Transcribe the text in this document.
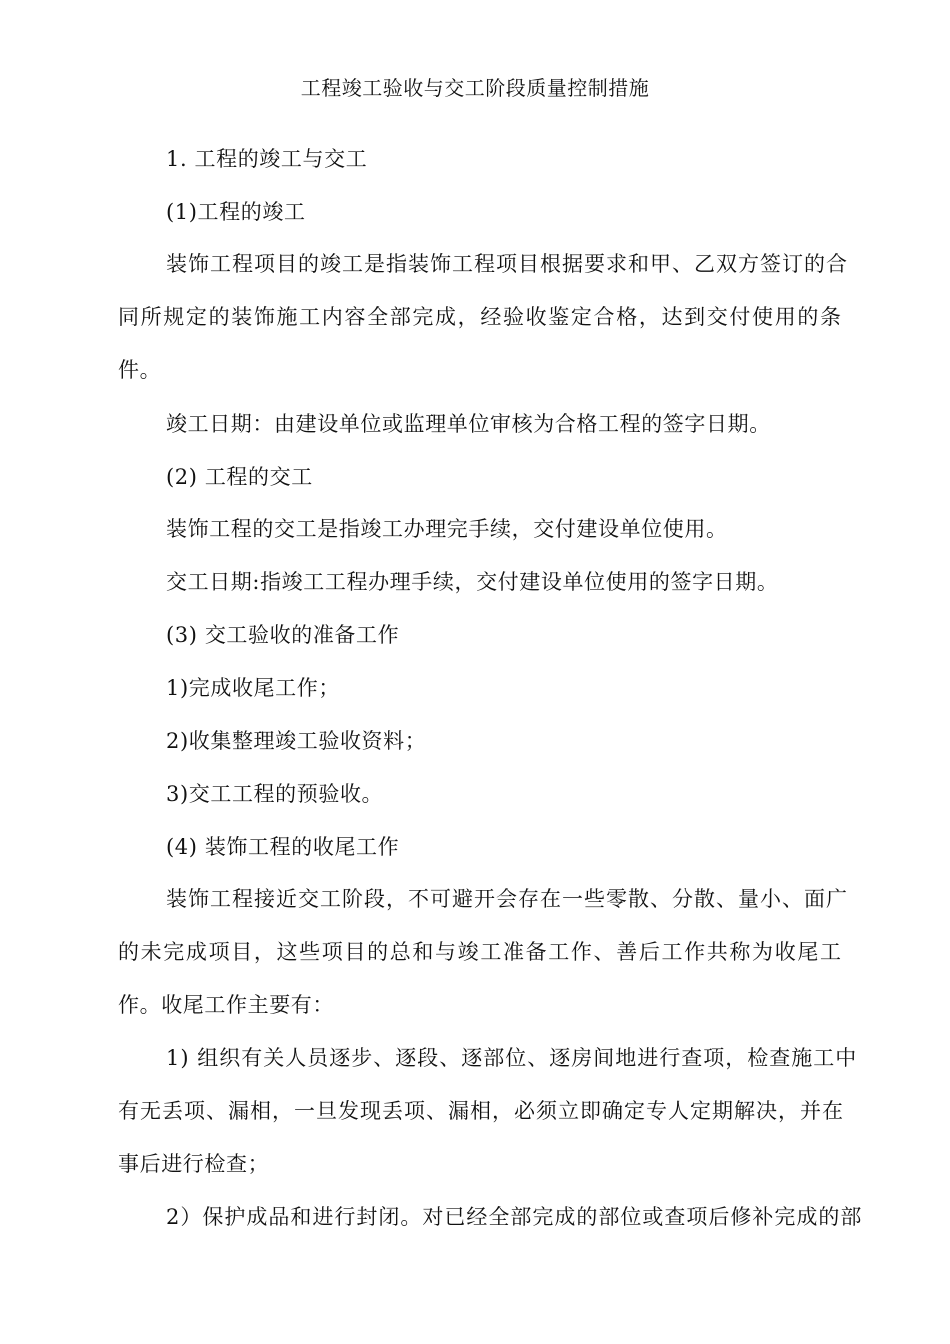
工程竣工验收与交工阶段质量控制措施
1. 工程的竣工与交工
(1)工程的竣工
装饰工程项目的竣工是指装饰工程项目根据要求和甲、乙双方签订的合
同所规定的装饰施工内容全部完成，经验收鉴定合格，达到交付使用的条
件。
竣工日期：由建设单位或监理单位审核为合格工程的签字日期。
(2) 工程的交工
装饰工程的交工是指竣工办理完手续，交付建设单位使用。
交工日期:指竣工工程办理手续，交付建设单位使用的签字日期。
(3) 交工验收的准备工作
1)完成收尾工作；
2)收集整理竣工验收资料；
3)交工工程的预验收。
(4) 装饰工程的收尾工作
装饰工程接近交工阶段，不可避开会存在一些零散、分散、量小、面广
的未完成项目，这些项目的总和与竣工准备工作、善后工作共称为收尾工
作。收尾工作主要有：
1) 组织有关人员逐步、逐段、逐部位、逐房间地进行查项，检查施工中
有无丢项、漏相，一旦发现丢项、漏相，必须立即确定专人定期解决，并在
事后进行检查；
2）保护成品和进行封闭。对已经全部完成的部位或查项后修补完成的部
